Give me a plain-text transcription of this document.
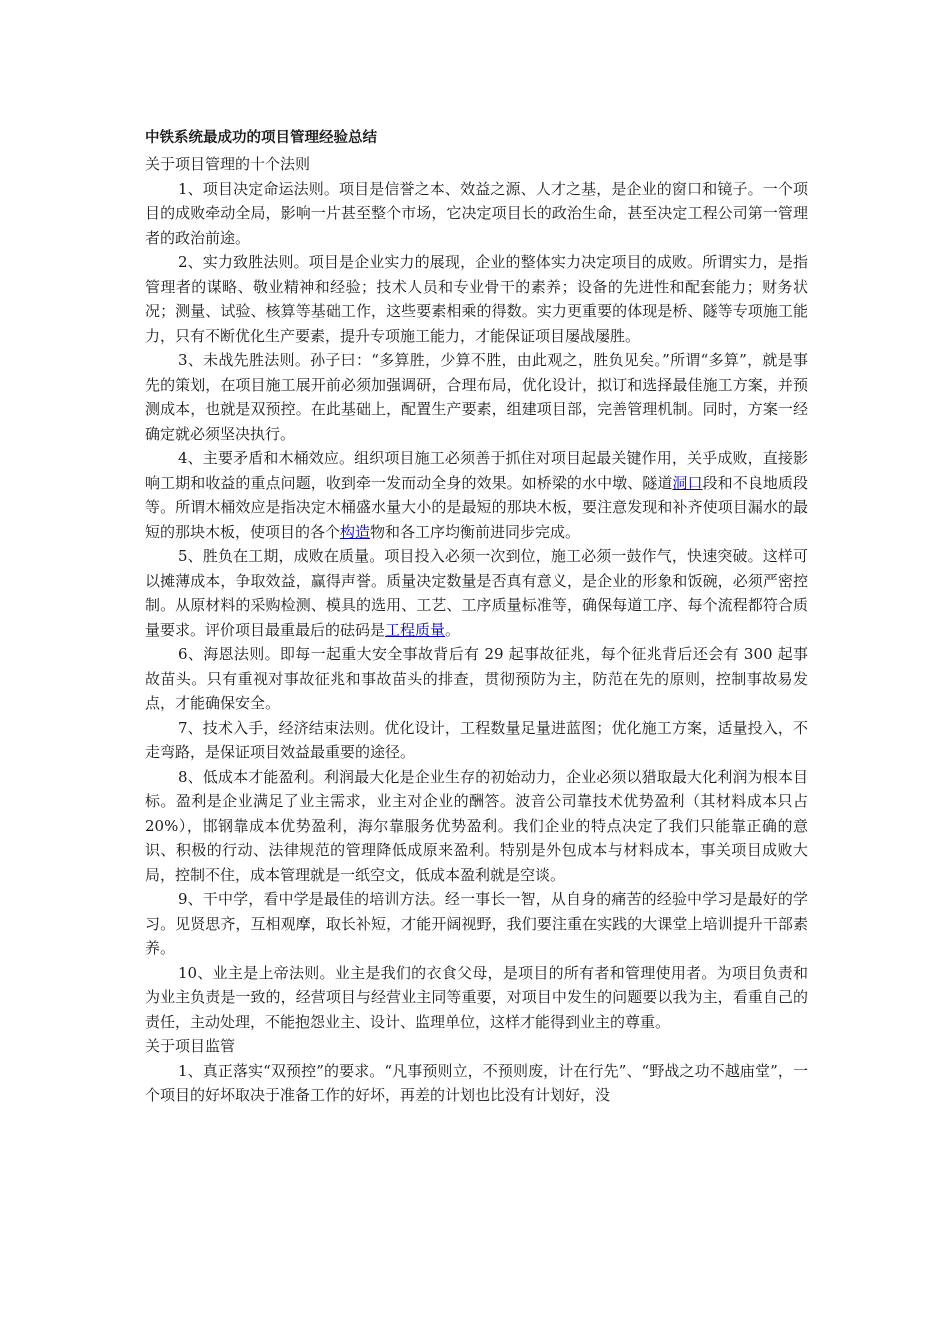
中铁系统最成功的项目管理经验总结

关于项目管理的十个法则

1、项目决定命运法则。项目是信誉之本、效益之源、人才之基，是企业的窗口和镜子。一个项目的成败牵动全局，影响一片甚至整个市场，它决定项目长的政治生命，甚至决定工程公司第一管理者的政治前途。

2、实力致胜法则。项目是企业实力的展现，企业的整体实力决定项目的成败。所谓实力，是指管理者的谋略、敬业精神和经验；技术人员和专业骨干的素养；设备的先进性和配套能力；财务状况；测量、试验、核算等基础工作，这些要素相乘的得数。实力更重要的体现是桥、隧等专项施工能力，只有不断优化生产要素，提升专项施工能力，才能保证项目屡战屡胜。

3、未战先胜法则。孙子曰：“多算胜，少算不胜，由此观之，胜负见矣。”所谓“多算”，就是事先的策划，在项目施工展开前必须加强调研，合理布局，优化设计，拟订和选择最佳施工方案，并预测成本，也就是双预控。在此基础上，配置生产要素，组建项目部，完善管理机制。同时，方案一经确定就必须坚决执行。

4、主要矛盾和木桶效应。组织项目施工必须善于抓住对项目起最关键作用，关乎成败，直接影响工期和收益的重点问题，收到牵一发而动全身的效果。如桥梁的水中墩、隧道洞口段和不良地质段等。所谓木桶效应是指决定木桶盛水量大小的是最短的那块木板，要注意发现和补齐使项目漏水的最短的那块木板，使项目的各个构造物和各工序均衡前进同步完成。

5、胜负在工期，成败在质量。项目投入必须一次到位，施工必须一鼓作气，快速突破。这样可以摊薄成本，争取效益，赢得声誉。质量决定数量是否真有意义，是企业的形象和饭碗，必须严密控制。从原材料的采购检测、模具的选用、工艺、工序质量标准等，确保每道工序、每个流程都符合质量要求。评价项目最重最后的砝码是工程质量。

6、海恩法则。即每一起重大安全事故背后有 29 起事故征兆，每个征兆背后还会有 300 起事故苗头。只有重视对事故征兆和事故苗头的排查，贯彻预防为主，防范在先的原则，控制事故易发点，才能确保安全。

7、技术入手，经济结束法则。优化设计，工程数量足量进蓝图；优化施工方案，适量投入，不走弯路，是保证项目效益最重要的途径。

8、低成本才能盈利。利润最大化是企业生存的初始动力，企业必须以猎取最大化利润为根本目标。盈利是企业满足了业主需求，业主对企业的酬答。波音公司靠技术优势盈利（其材料成本只占 20%），邯钢靠成本优势盈利，海尔靠服务优势盈利。我们企业的特点决定了我们只能靠正确的意识、积极的行动、法律规范的管理降低成原来盈利。特别是外包成本与材料成本，事关项目成败大局，控制不住，成本管理就是一纸空文，低成本盈利就是空谈。

9、干中学，看中学是最佳的培训方法。经一事长一智，从自身的痛苦的经验中学习是最好的学习。见贤思齐，互相观摩，取长补短，才能开阔视野，我们要注重在实践的大课堂上培训提升干部素养。

10、业主是上帝法则。业主是我们的衣食父母，是项目的所有者和管理使用者。为项目负责和为业主负责是一致的，经营项目与经营业主同等重要，对项目中发生的问题要以我为主，看重自己的责任，主动处理，不能抱怨业主、设计、监理单位，这样才能得到业主的尊重。

关于项目监管

1、真正落实“双预控”的要求。“凡事预则立，不预则废，计在行先”、“野战之功不越庙堂”，一个项目的好坏取决于准备工作的好坏，再差的计划也比没有计划好，没
